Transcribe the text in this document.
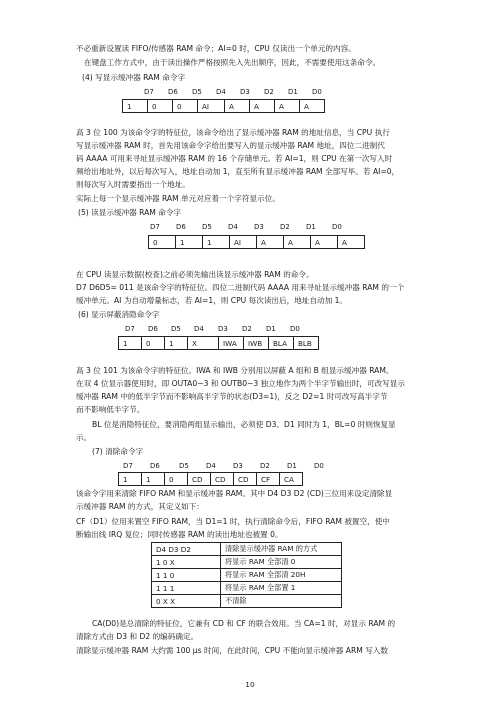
不必重新设置读 FIFO/传感器 RAM 命令；AI=0 时，CPU 仅读出一个单元的内容。
在键盘工作方式中，由于读出操作严格按照先入先出顺序，因此，不需要使用这条命令。
(4) 写显示缓冲器 RAM 命令字
D7	D6	D5	D4	D3	D2	D1	D0
1	0	0	AI	A	A	A	A
高 3 位 100 为该命令字的特征位，该命令给出了显示缓冲器 RAM 的地址信息，当 CPU 执行
写显示缓冲器 RAM 时，首先用该命令字给出要写入的显示缓冲器 RAM 地址，四位二进制代
码 AAAA 可用来寻址显示缓冲器 RAM 的 16 个存储单元。若 AI=1，则 CPU 在第一次写入时
频给出地址外，以后每次写入，地址自动加 1，直至所有显示缓冲器 RAM 全部写毕。若 AI=0，
则每次写入时需要指出一个地址。
实际上每一个显示缓冲器 RAM 单元对应着一个字符显示位。
(5) 读显示缓冲器 RAM 命令字
D7	D6	D5	D4	D3	D2	D1	D0
0	1	1	AI	A	A	A	A
在 CPU 读显示数据(校查)之前必须先输出读显示缓冲器 RAM 的命令。
D7 D6D5= 011 是该命令字的特征位。四位二进制代码 AAAA 用来寻址显示缓冲器 RAM 的一个
缓冲单元。AI 为自动增量标志，若 AI=1，则 CPU 每次读出后，地址自动加 1。
(6) 显示屏蔽消隐命令字
D7	D6	D5	D4	D3	D2	D1	D0
1	0	1	X	IWA	IWB	BLA	BLB
高 3 位 101 为该命令字的特征位。IWA 和 IWB 分别用以屏蔽 A 组和 B 组显示缓冲器 RAM。
在双 4 位显示器使用时，即 OUTA0~3 和 OUTB0~3 独立地作为两个半字节输出时，可改写显示
缓冲器 RAM 中的低半字节而不影响高半字节的状态(D3=1)，反之 D2=1 时可改写高半字节
而不影响低半字节。
BL 位是消隐特征位，要消隐两组显示输出，必须使 D3、D1 同时为 1，BL=0 时则恢复显
示。
(7) 清除命令字
D7	D6	D5	D4	D3	D2	D1	D0
1	1	0	CD	CD	CD	CF	CA
该命令字用来清除 FIFO RAM 和显示缓冲器 RAM。其中 D4 D3 D2 (CD)三位用来设定清除显
示缓冲器 RAM 的方式，其定义如下：
CF（D1）位用来置空 FIFO RAM，当 D1=1 时，执行清除命令后，FIFO RAM 被置空，使中
断输出线 IRQ 复位；同时传感器 RAM 的读出地址也被置 0。
D4 D3 D2	清除显示缓冲器 RAM 的方式
1 0 X	将显示 RAM 全部清 0
1 1 0	将显示 RAM 全部清 20H
1 1 1	将显示 RAM 全部置 1
0 X X	不清除
CA(D0)是总清除的特征位，它兼有 CD 和 CF 的联合效用。当 CA=1 时，对显示 RAM 的
清除方式由 D3 和 D2 的编码确定。
清除显示缓冲器 RAM 大约需 100 μs 时间，在此时间，CPU 不能向显示缓冲器 ARM 写入数
10
